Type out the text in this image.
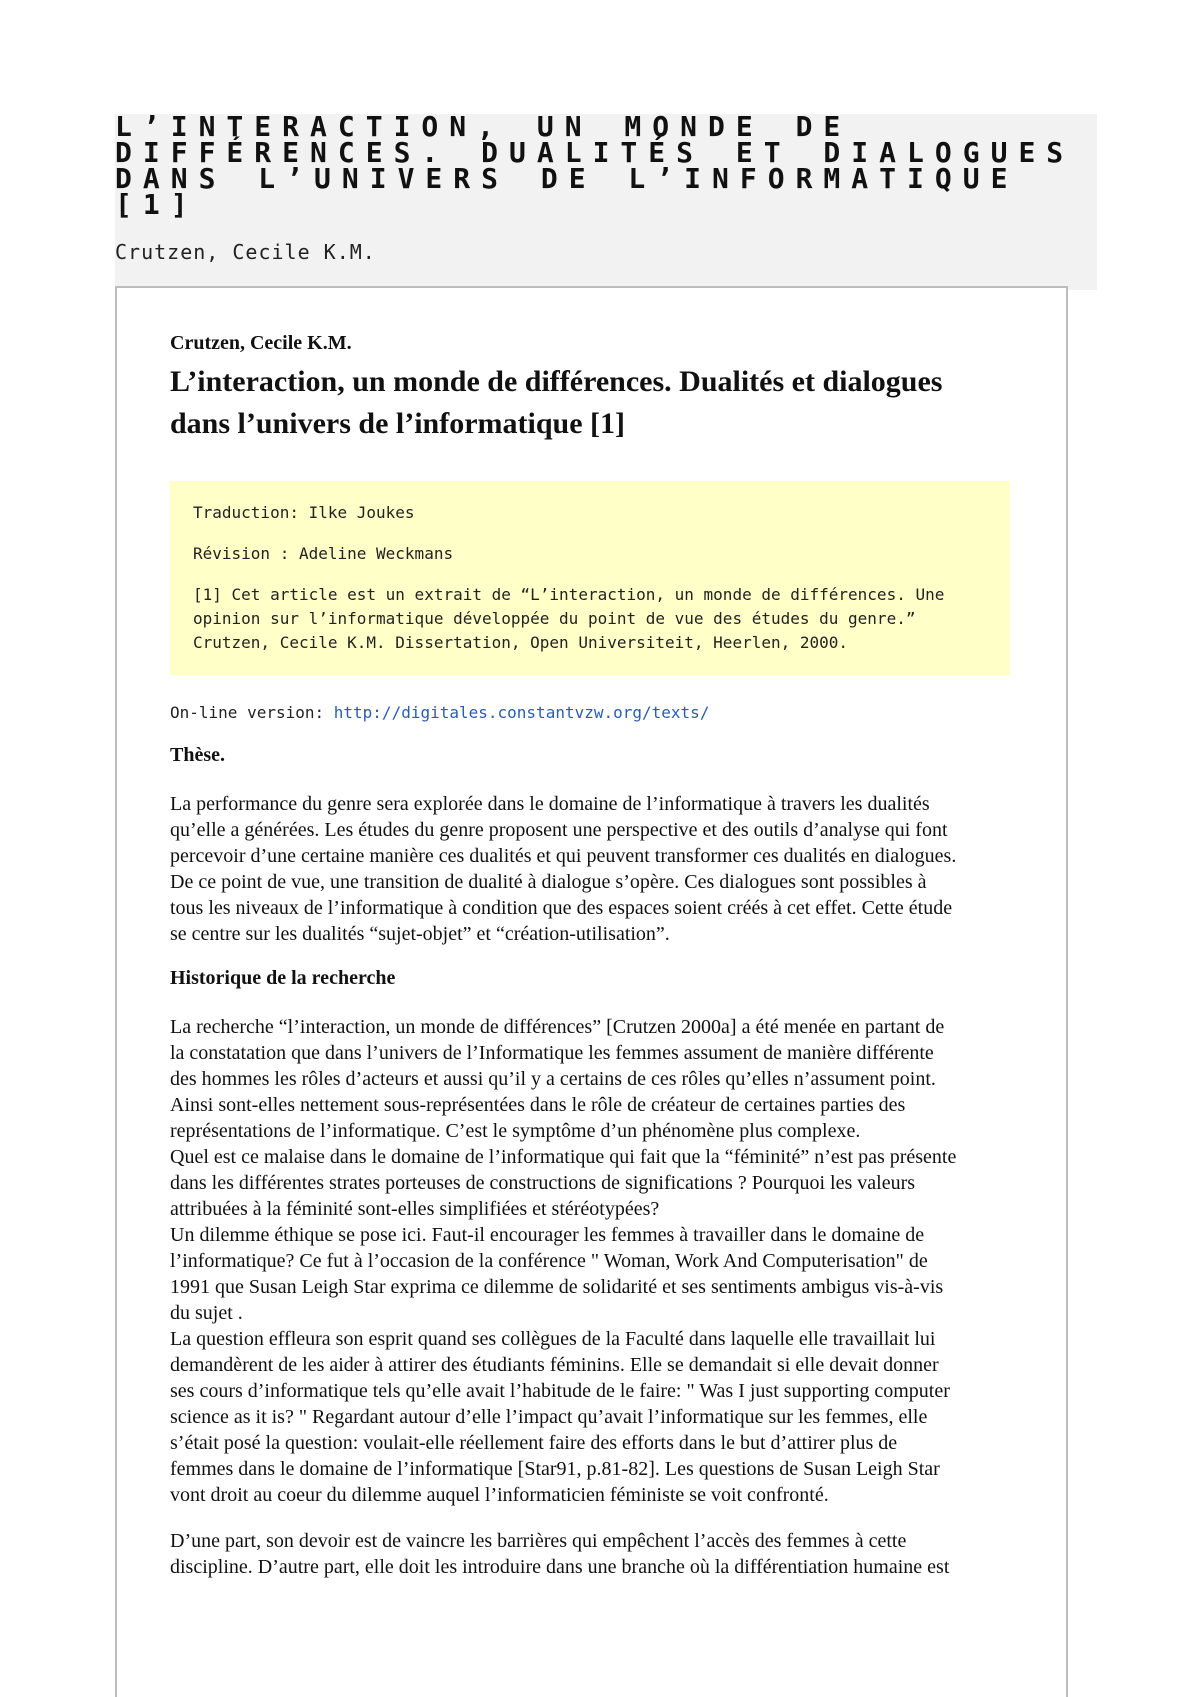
L’INTERACTION, UN MONDE DE DIFFÉRENCES. DUALITÉS ET DIALOGUES DANS L’UNIVERS DE L’INFORMATIQUE [1]
Crutzen, Cecile K.M.
Crutzen, Cecile K.M.
L’interaction, un monde de différences. Dualités et dialogues
dans l’univers de l’informatique [1]

Traduction: Ilke Joukes

Révision : Adeline Weckmans

[1] Cet article est un extrait de “L’interaction, un monde de différences. Une
opinion sur l’informatique développée du point de vue des études du genre.”
Crutzen, Cecile K.M. Dissertation, Open Universiteit, Heerlen, 2000.

On-line version: http://digitales.constantvzw.org/texts/
Thèse.

La performance du genre sera explorée dans le domaine de l’informatique à travers les dualités
qu’elle a générées. Les études du genre proposent une perspective et des outils d’analyse qui font
percevoir d’une certaine manière ces dualités et qui peuvent transformer ces dualités en dialogues.
De ce point de vue, une transition de dualité à dialogue s’opère. Ces dialogues sont possibles à
tous les niveaux de l’informatique à condition que des espaces soient créés à cet effet. Cette étude
se centre sur les dualités “sujet-objet” et “création-utilisation”.

Historique de la recherche

La recherche “l’interaction, un monde de différences” [Crutzen 2000a] a été menée en partant de
la constatation que dans l’univers de l’Informatique les femmes assument de manière différente
des hommes les rôles d’acteurs et aussi qu’il y a certains de ces rôles qu’elles n’assument point.
Ainsi sont-elles nettement sous-représentées dans le rôle de créateur de certaines parties des
représentations de l’informatique. C’est le symptôme d’un phénomène plus complexe.
Quel est ce malaise dans le domaine de l’informatique qui fait que la “féminité” n’est pas présente
dans les différentes strates porteuses de constructions de significations ? Pourquoi les valeurs
attribuées à la féminité sont-elles simplifiées et stéréotypées?
Un dilemme éthique se pose ici. Faut-il encourager les femmes à travailler dans le domaine de
l’informatique? Ce fut à l’occasion de la conférence " Woman, Work And Computerisation" de
1991 que Susan Leigh Star exprima ce dilemme de solidarité et ses sentiments ambigus vis-à-vis
du sujet .
La question effleura son esprit quand ses collègues de la Faculté dans laquelle elle travaillait lui
demandèrent de les aider à attirer des étudiants féminins. Elle se demandait si elle devait donner
ses cours d’informatique tels qu’elle avait l’habitude de le faire: " Was I just supporting computer
science as it is? " Regardant autour d’elle l’impact qu’avait l’informatique sur les femmes, elle
s’était posé la question: voulait-elle réellement faire des efforts dans le but d’attirer plus de
femmes dans le domaine de l’informatique [Star91, p.81-82]. Les questions de Susan Leigh Star
vont droit au coeur du dilemme auquel l’informaticien féministe se voit confronté.

D’une part, son devoir est de vaincre les barrières qui empêchent l’accès des femmes à cette
discipline. D’autre part, elle doit les introduire dans une branche où la différentiation humaine est
